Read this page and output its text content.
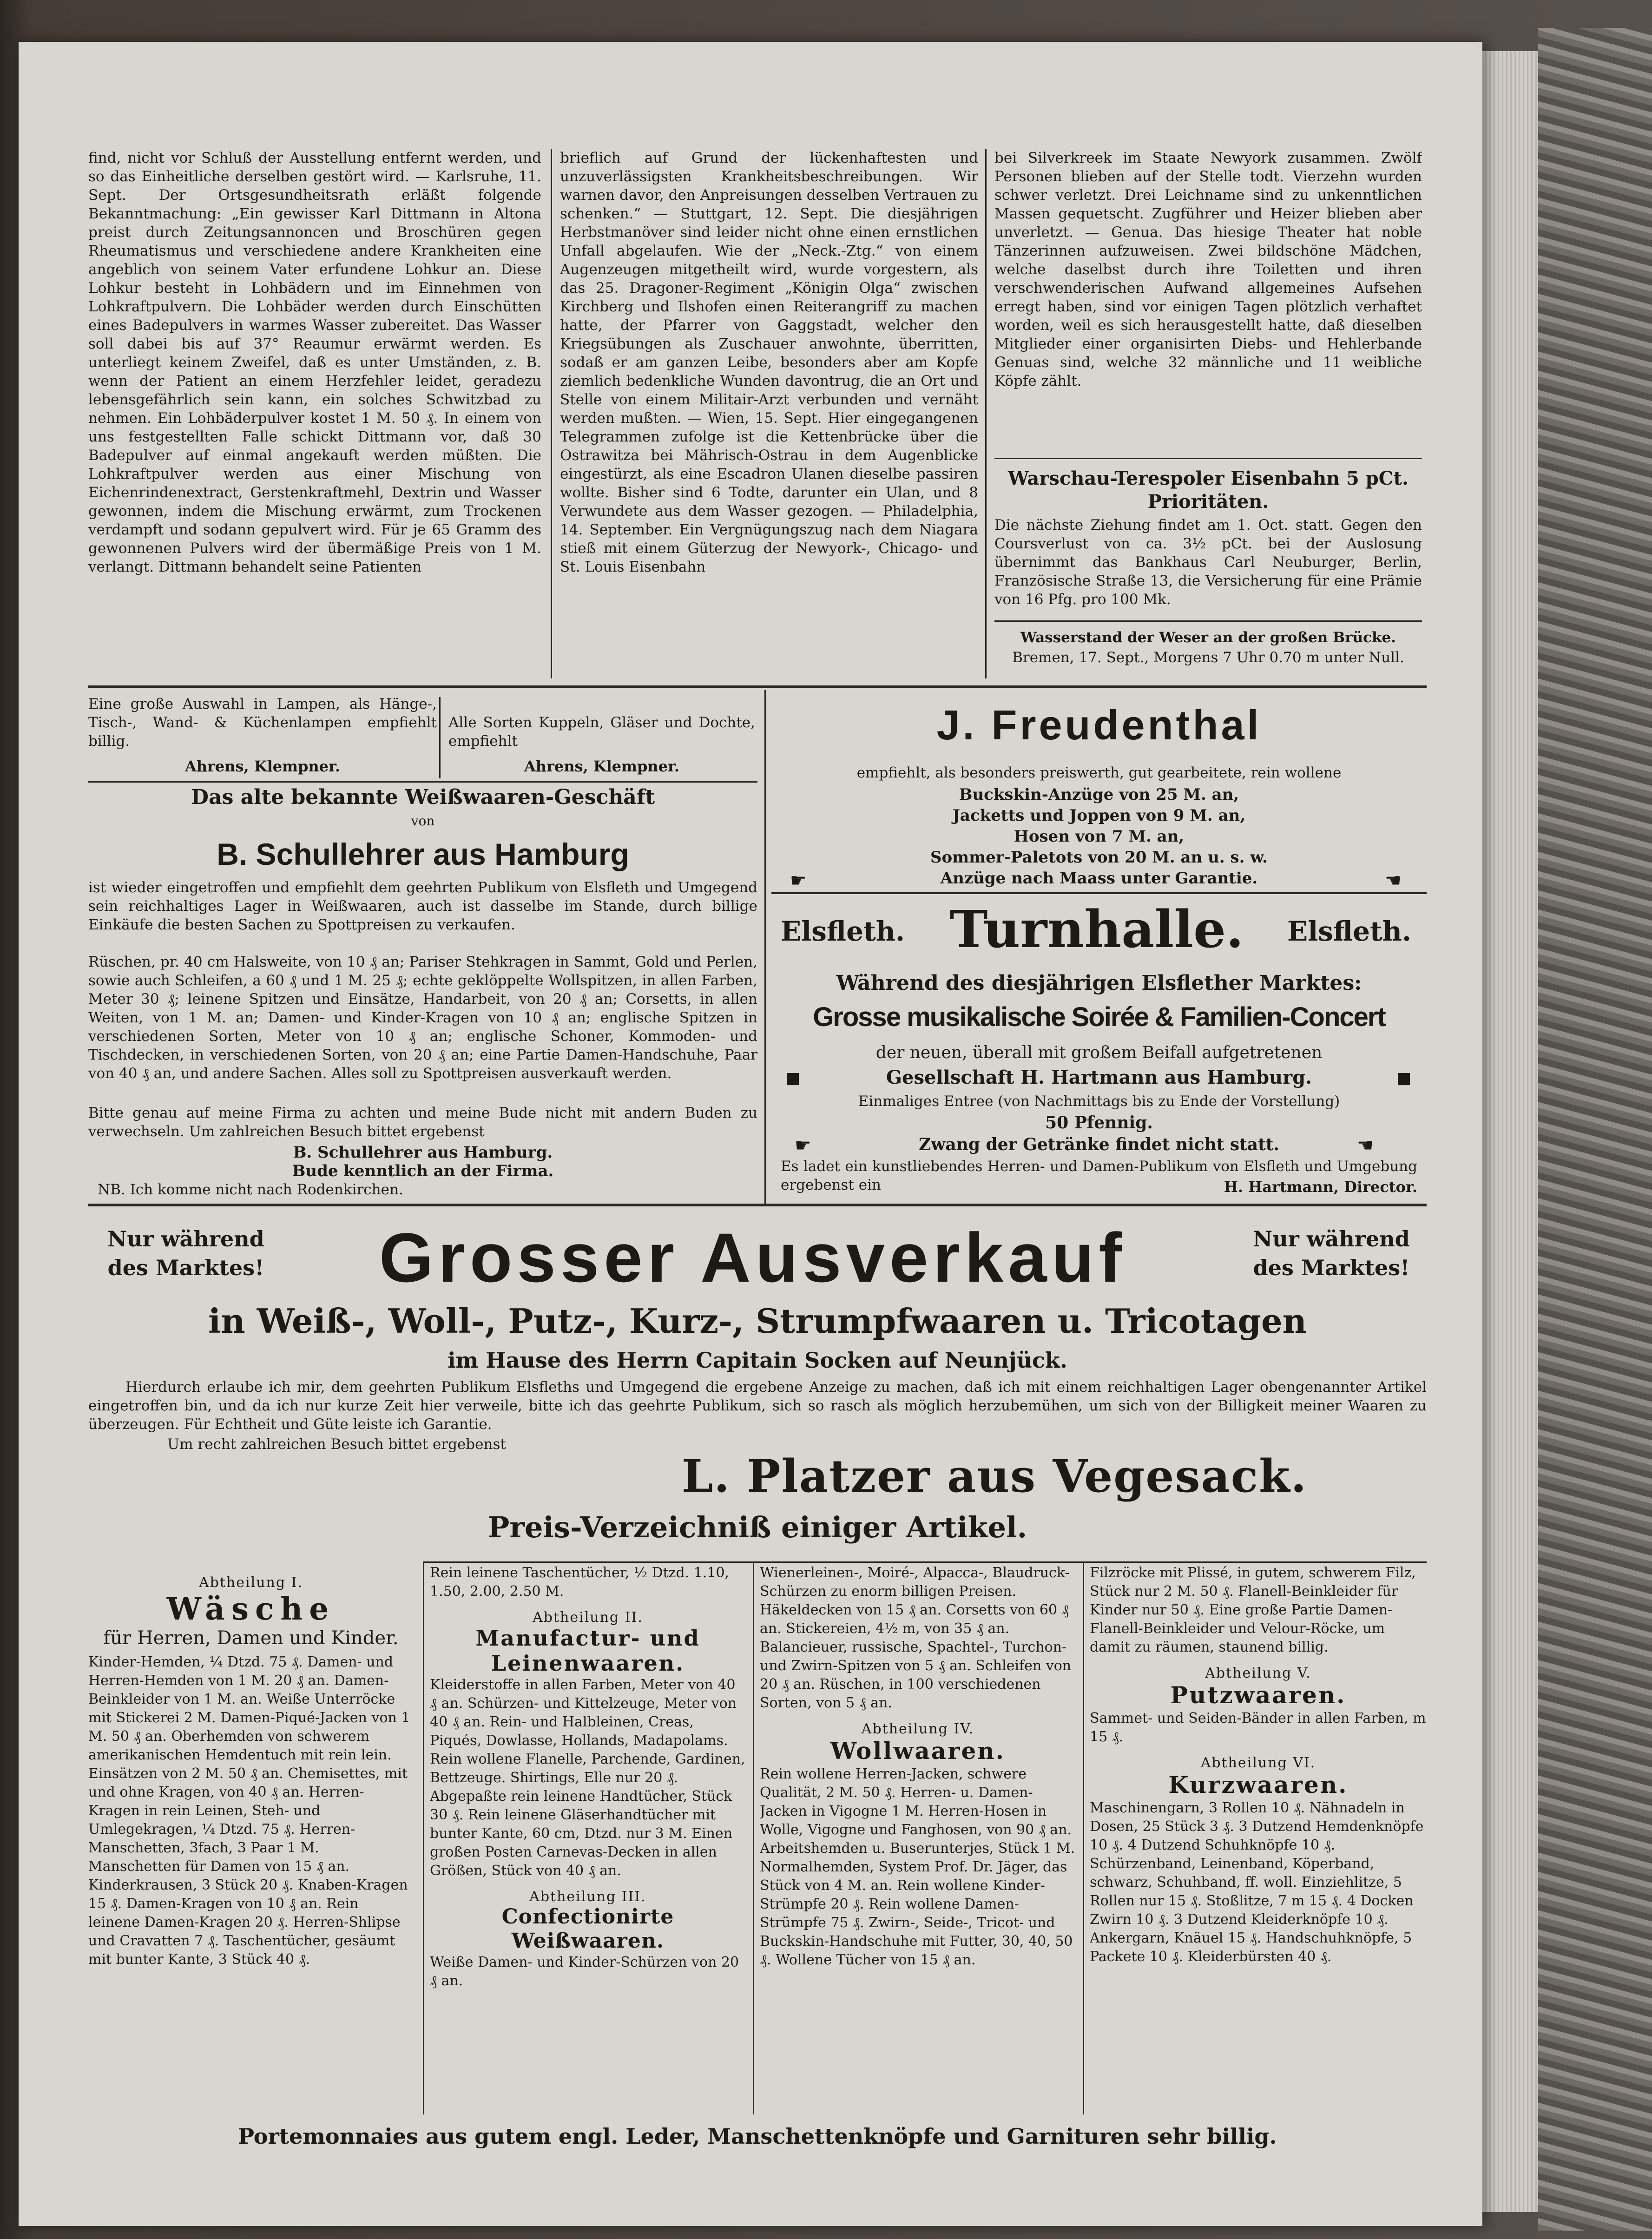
find, nicht vor Schluß der Ausstellung entfernt werden, und so das Einheitliche derselben gestört wird. — Karlsruhe, 11. Sept. Der Ortsgesundheitsrath erläßt folgende Bekanntmachung: „Ein gewisser Karl Dittmann in Altona preist durch Zeitungsannoncen und Broschüren gegen Rheumatismus und verschiedene andere Krankheiten eine angeblich von seinem Vater erfundene Lohkur an. Diese Lohkur besteht in Lohbädern und im Einnehmen von Lohkraftpulvern. Die Lohbäder werden durch Einschütten eines Badepulvers in warmes Wasser zubereitet. Das Wasser soll dabei bis auf 37° Reaumur erwärmt werden. Es unterliegt keinem Zweifel, daß es unter Umständen, z. B. wenn der Patient an einem Herzfehler leidet, geradezu lebensgefährlich sein kann, ein solches Schwitzbad zu nehmen. Ein Lohbäderpulver kostet 1 M. 50 ₰. In einem von uns festgestellten Falle schickt Dittmann vor, daß 30 Badepulver auf einmal angekauft werden müßten. Die Lohkraftpulver werden aus einer Mischung von Eichenrindenextract, Gerstenkraftmehl, Dextrin und Wasser gewonnen, indem die Mischung erwärmt, zum Trockenen verdampft und sodann gepulvert wird. Für je 65 Gramm des gewonnenen Pulvers wird der übermäßige Preis von 1 M. verlangt. Dittmann behandelt seine Patienten
brieflich auf Grund der lückenhaftesten und unzuverlässigsten Krankheitsbeschreibungen. Wir warnen davor, den Anpreisungen desselben Vertrauen zu schenken.“ — Stuttgart, 12. Sept. Die diesjährigen Herbstmanöver sind leider nicht ohne einen ernstlichen Unfall abgelaufen. Wie der „Neck.-Ztg.“ von einem Augenzeugen mitgetheilt wird, wurde vorgestern, als das 25. Dragoner-Regiment „Königin Olga“ zwischen Kirchberg und Ilshofen einen Reiterangriff zu machen hatte, der Pfarrer von Gaggstadt, welcher den Kriegsübungen als Zuschauer anwohnte, überritten, sodaß er am ganzen Leibe, besonders aber am Kopfe ziemlich bedenkliche Wunden davontrug, die an Ort und Stelle von einem Militair-Arzt verbunden und vernäht werden mußten. — Wien, 15. Sept. Hier eingegangenen Telegrammen zufolge ist die Kettenbrücke über die Ostrawitza bei Mährisch-Ostrau in dem Augenblicke eingestürzt, als eine Escadron Ulanen dieselbe passiren wollte. Bisher sind 6 Todte, darunter ein Ulan, und 8 Verwundete aus dem Wasser gezogen. — Philadelphia, 14. September. Ein Vergnügungszug nach dem Niagara stieß mit einem Güterzug der Newyork-, Chicago- und St. Louis Eisenbahn
bei Silverkreek im Staate Newyork zusammen. Zwölf Personen blieben auf der Stelle todt. Vierzehn wurden schwer verletzt. Drei Leichname sind zu unkenntlichen Massen gequetscht. Zugführer und Heizer blieben aber unverletzt. — Genua. Das hiesige Theater hat noble Tänzerinnen aufzuweisen. Zwei bildschöne Mädchen, welche daselbst durch ihre Toiletten und ihren verschwenderischen Aufwand allgemeines Aufsehen erregt haben, sind vor einigen Tagen plötzlich verhaftet worden, weil es sich herausgestellt hatte, daß dieselben Mitglieder einer organisirten Diebs- und Hehlerbande Genuas sind, welche 32 männliche und 11 weibliche Köpfe zählt.
Warschau-Terespoler Eisenbahn 5 pCt. Prioritäten.
Die nächste Ziehung findet am 1. Oct. statt. Gegen den Coursverlust von ca. 3½ pCt. bei der Auslosung übernimmt das Bankhaus Carl Neuburger, Berlin, Französische Straße 13, die Versicherung für eine Prämie von 16 Pfg. pro 100 Mk.
Wasserstand der Weser an der großen Brücke.
Bremen, 17. Sept., Morgens 7 Uhr 0.70 m unter Null.
Eine große Auswahl in Lampen, als Hänge-, Tisch-, Wand- & Küchenlampen empfiehlt billig.
Ahrens, Klempner.
Alle Sorten Kuppeln, Gläser und Dochte, empfiehlt
Ahrens, Klempner.
Das alte bekannte Weißwaaren-Geschäft
von
B. Schullehrer aus Hamburg
ist wieder eingetroffen und empfiehlt dem geehrten Publikum von Elsfleth und Umgegend sein reichhaltiges Lager in Weißwaaren, auch ist dasselbe im Stande, durch billige Einkäufe die besten Sachen zu Spottpreisen zu verkaufen.
Rüschen, pr. 40 cm Halsweite, von 10 ₰ an; Pariser Stehkragen in Sammt, Gold und Perlen, sowie auch Schleifen, a 60 ₰ und 1 M. 25 ₰; echte geklöppelte Wollspitzen, in allen Farben, Meter 30 ₰; leinene Spitzen und Einsätze, Handarbeit, von 20 ₰ an; Corsetts, in allen Weiten, von 1 M. an; Damen- und Kinder-Kragen von 10 ₰ an; englische Spitzen in verschiedenen Sorten, Meter von 10 ₰ an; englische Schoner, Kommoden- und Tischdecken, in verschiedenen Sorten, von 20 ₰ an; eine Partie Damen-Handschuhe, Paar von 40 ₰ an, und andere Sachen. Alles soll zu Spottpreisen ausverkauft werden.
Bitte genau auf meine Firma zu achten und meine Bude nicht mit andern Buden zu verwechseln. Um zahlreichen Besuch bittet ergebenst
B. Schullehrer aus Hamburg.
Bude kenntlich an der Firma.
NB. Ich komme nicht nach Rodenkirchen.
J. Freudenthal
empfiehlt, als besonders preiswerth, gut gearbeitete, rein wollene
Buckskin-Anzüge von 25 M. an,
Jacketts und Joppen von 9 M. an,
Hosen von 7 M. an,
Sommer-Paletots von 20 M. an u. s. w.
Anzüge nach Maass unter Garantie.
☛	☚
Elsfleth. Turnhalle.	Elsfleth.
Während des diesjährigen Elsflether Marktes:
Grosse musikalische Soirée & Familien-Concert
der neuen, überall mit großem Beifall aufgetretenen
Gesellschaft H. Hartmann aus Hamburg.
■	■
Einmaliges Entree (von Nachmittags bis zu Ende der Vorstellung)
50 Pfennig.
Zwang der Getränke findet nicht statt.
☛	☚
Es ladet ein kunstliebendes Herren- und Damen-Publikum von Elsfleth und Umgebung ergebenst ein	H. Hartmann, Director.
Nur während des Marktes!	Grosser Ausverkauf	Nur während des Marktes!
in Weiß-, Woll-, Putz-, Kurz-, Strumpfwaaren u. Tricotagen
im Hause des Herrn Capitain Socken auf Neunjück.
Hierdurch erlaube ich mir, dem geehrten Publikum Elsfleths und Umgegend die ergebene Anzeige zu machen, daß ich mit einem reichhaltigen Lager obengenannter Artikel eingetroffen bin, und da ich nur kurze Zeit hier verweile, bitte ich das geehrte Publikum, sich so rasch als möglich herzubemühen, um sich von der Billigkeit meiner Waaren zu überzeugen. Für Echtheit und Güte leiste ich Garantie.
Um recht zahlreichen Besuch bittet ergebenst
L. Platzer aus Vegesack.
Preis-Verzeichniß einiger Artikel.
Abtheilung I.
Wäsche
für Herren, Damen und Kinder.
Kinder-Hemden, ¼ Dtzd. 75 ₰. Damen- und Herren-Hemden von 1 M. 20 ₰ an. Damen-Beinkleider von 1 M. an. Weiße Unterröcke mit Stickerei 2 M. Damen-Piqué-Jacken von 1 M. 50 ₰ an. Oberhemden von schwerem amerikanischen Hemdentuch mit rein lein. Einsätzen von 2 M. 50 ₰ an. Chemisettes, mit und ohne Kragen, von 40 ₰ an. Herren-Kragen in rein Leinen, Steh- und Umlegekragen, ¼ Dtzd. 75 ₰. Herren-Manschetten, 3fach, 3 Paar 1 M. Manschetten für Damen von 15 ₰ an. Kinderkrausen, 3 Stück 20 ₰. Knaben-Kragen 15 ₰. Damen-Kragen von 10 ₰ an. Rein leinene Damen-Kragen 20 ₰. Herren-Shlipse und Cravatten 7 ₰. Taschentücher, gesäumt mit bunter Kante, 3 Stück 40 ₰.
Rein leinene Taschentücher, ½ Dtzd. 1.10, 1.50, 2.00, 2.50 M.
Abtheilung II.
Manufactur- und Leinenwaaren.
Kleiderstoffe in allen Farben, Meter von 40 ₰ an. Schürzen- und Kittelzeuge, Meter von 40 ₰ an. Rein- und Halbleinen, Creas, Piqués, Dowlasse, Hollands, Madapolams. Rein wollene Flanelle, Parchende, Gardinen, Bettzeuge. Shirtings, Elle nur 20 ₰. Abgepaßte rein leinene Handtücher, Stück 30 ₰. Rein leinene Gläserhandtücher mit bunter Kante, 60 cm, Dtzd. nur 3 M. Einen großen Posten Carnevas-Decken in allen Größen, Stück von 40 ₰ an.
Abtheilung III.
Confectionirte Weißwaaren.
Weiße Damen- und Kinder-Schürzen von 20 ₰ an.
Wienerleinen-, Moiré-, Alpacca-, Blaudruck-Schürzen zu enorm billigen Preisen. Häkeldecken von 15 ₰ an. Corsetts von 60 ₰ an. Stickereien, 4½ m, von 35 ₰ an. Balancieuer, russische, Spachtel-, Turchon- und Zwirn-Spitzen von 5 ₰ an. Schleifen von 20 ₰ an. Rüschen, in 100 verschiedenen Sorten, von 5 ₰ an.
Abtheilung IV.
Wollwaaren.
Rein wollene Herren-Jacken, schwere Qualität, 2 M. 50 ₰. Herren- u. Damen-Jacken in Vigogne 1 M. Herren-Hosen in Wolle, Vigogne und Fanghosen, von 90 ₰ an. Arbeitshemden u. Buserunterjes, Stück 1 M. Normalhemden, System Prof. Dr. Jäger, das Stück von 4 M. an. Rein wollene Kinder-Strümpfe 20 ₰. Rein wollene Damen-Strümpfe 75 ₰. Zwirn-, Seide-, Tricot- und Buckskin-Handschuhe mit Futter, 30, 40, 50 ₰. Wollene Tücher von 15 ₰ an.
Filzröcke mit Plissé, in gutem, schwerem Filz, Stück nur 2 M. 50 ₰. Flanell-Beinkleider für Kinder nur 50 ₰. Eine große Partie Damen-Flanell-Beinkleider und Velour-Röcke, um damit zu räumen, staunend billig.
Abtheilung V.
Putzwaaren.
Sammet- und Seiden-Bänder in allen Farben, m 15 ₰.
Abtheilung VI.
Kurzwaaren.
Maschinengarn, 3 Rollen 10 ₰. Nähnadeln in Dosen, 25 Stück 3 ₰. 3 Dutzend Hemdenknöpfe 10 ₰. 4 Dutzend Schuhknöpfe 10 ₰. Schürzenband, Leinenband, Köperband, schwarz, Schuhband, ff. woll. Einziehlitze, 5 Rollen nur 15 ₰. Stoßlitze, 7 m 15 ₰. 4 Docken Zwirn 10 ₰. 3 Dutzend Kleiderknöpfe 10 ₰. Ankergarn, Knäuel 15 ₰. Handschuhknöpfe, 5 Packete 10 ₰. Kleiderbürsten 40 ₰.
Portemonnaies aus gutem engl. Leder, Manschettenknöpfe und Garnituren sehr billig.
